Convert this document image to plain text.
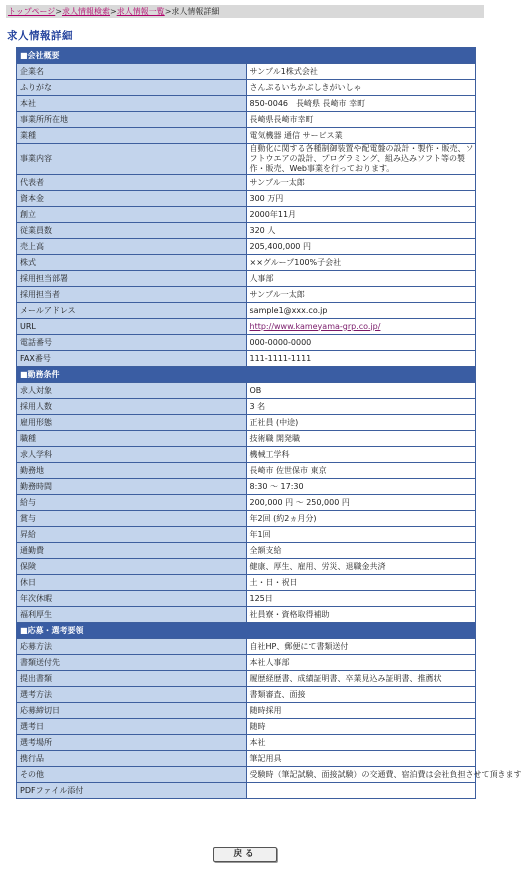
トップページ>求人情報検索>求人情報一覧>求人情報詳細
求人情報詳細
■会社概要	
企業名	サンプル1株式会社
ふりがな	さんぷるいちかぶしきがいしゃ
本社	850-0046　長崎県 長崎市 幸町
事業所所在地	長崎県長崎市幸町
業種	電気機器 通信 サービス業
事業内容	自動化に関する各種制御装置や配電盤の設計・製作・販売、ソフトウエアの設計、プログラミング、組み込みソフト等の製作・販売、Web事業を行っております。
代表者	サンプル一太郎
資本金	300 万円
創立	2000年11月
従業員数	320 人
売上高	205,400,000 円
株式	××グループ100%子会社
採用担当部署	人事部
採用担当者	サンプル一太郎
メールアドレス	sample1@xxx.co.jp
URL	http://www.kameyama-grp.co.jp/
電話番号	000-0000-0000
FAX番号	111-1111-1111
■勤務条件	
求人対象	OB
採用人数	3 名
雇用形態	正社員 (中途)
職種	技術職 開発職
求人学科	機械工学科
勤務地	長崎市 佐世保市 東京
勤務時間	8:30 ～ 17:30
給与	200,000 円 ～ 250,000 円
賞与	年2回 (約2ヵ月分)
昇給	年1回
通勤費	全額支給
保険	健康、厚生、雇用、労災、退職金共済
休日	土・日・祝日
年次休暇	125日
福利厚生	社員寮・資格取得補助
■応募・選考要領	
応募方法	自社HP、郵便にて書類送付
書類送付先	本社人事部
提出書類	履歴経歴書、成績証明書、卒業見込み証明書、推薦状
選考方法	書類審査、面接
応募締切日	随時採用
選考日	随時
選考場所	本社
携行品	筆記用具
その他	受験時（筆記試験、面接試験）の交通費、宿泊費は会社負担させて頂きます
PDFファイル添付	
戻る
